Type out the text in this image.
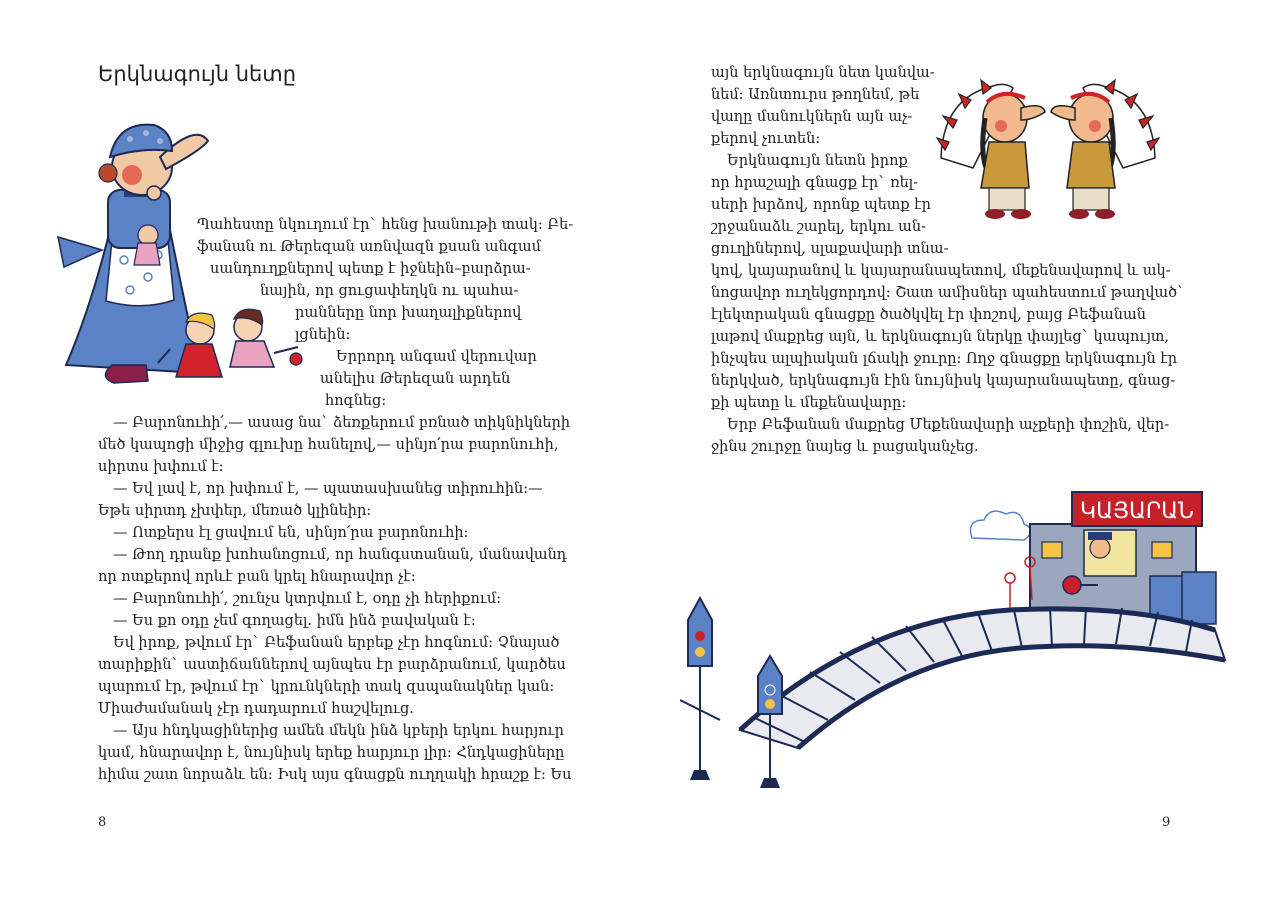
Երկնագույն նետը
Պահեստը նկուղում էր` հենց խանութի տակ: Բե-
ֆանան ու Թերեզան առնվազն քսան անգամ
սանդուղքներով պետք է իջնեին–բարձրա-
նային, որ ցուցափեղկն ու պահա-
րանները նոր խաղալիքներով
լցնեին:
Երրորդ անգամ վերուվար
անելիս Թերեզան արդեն
հոգնեց:
— Բարոնուհի՛,— ասաց նա` ձեռքերում բռնած տիկնիկների
մեծ կապոցի միջից գլուխը հանելով,— սինյո՛րա բարոնուհի,
սիրտս խփում է:
— Եվ լավ է, որ խփում է, — պատասխանեց տիրուհին:—
Եթե սիրտդ չխփեր, մեռած կլինեիր:
— Ոտքերս էլ ցավում են, սինյո՛րա բարոնուհի:
— Թող դրանք խոհանոցում, որ հանգստանան, մանավանդ
որ ոտքերով որևէ բան կրել հնարավոր չէ:
— Բարոնուհի՛, շունչս կտրվում է, օդը չի հերիքում:
— Ես քո օդը չեմ գողացել. իմն ինձ բավական է:
Եվ իրոք, թվում էր` Բեֆանան երբեք չէր հոգնում: Չնայած
տարիքին` աստիճաններով այնպես էր բարձրանում, կարծես
պարում էր, թվում էր` կրունկների տակ զսպանակներ կան:
Միաժամանակ չէր դադարում հաշվելուց.
— Այս հնդկացիներից ամեն մեկն ինձ կբերի երկու հարյուր
կամ, հնարավոր է, նույնիսկ երեք հարյուր լիր: Հնդկացիները
հիմա շատ նորաձև են: Իսկ այս գնացքն ուղղակի հրաշք է: Ես
8
այն երկնագույն նետ կանվա-
նեմ: Առնտուրս թողնեմ, թե
վաղը մանուկներն այն աչ-
քերով չուտեն:
Երկնագույն նետն իրոք
որ հրաշալի գնացք էր` ռել-
սերի խրձով, որոնք պետք էր
շրջանաձև շարել, երկու ան-
ցուղիներով, սլաքավարի տնա-
կով, կայարանով և կայարանապետով, մեքենավարով և ակ-
նոցավոր ուղեկցորդով: Շատ ամիսներ պահեստում թաղված`
էլեկտրական գնացքը ծածկվել էր փոշով, բայց Բեֆանան
լաթով մաքրեց այն, և երկնագույն ներկը փայլեց` կապույտ,
ինչպես ալպիական լճակի ջուրը: Ողջ գնացքը երկնագույն էր
ներկված, երկնագույն էին նույնիսկ կայարանապետը, գնաց-
քի պետը և մեքենավարը:
Երբ Բեֆանան մաքրեց Մեքենավարի աչքերի փոշին, վեր-
ջինս շուրջը նայեց և բացականչեց.
ԿԱՅԱՐԱՆ
9
